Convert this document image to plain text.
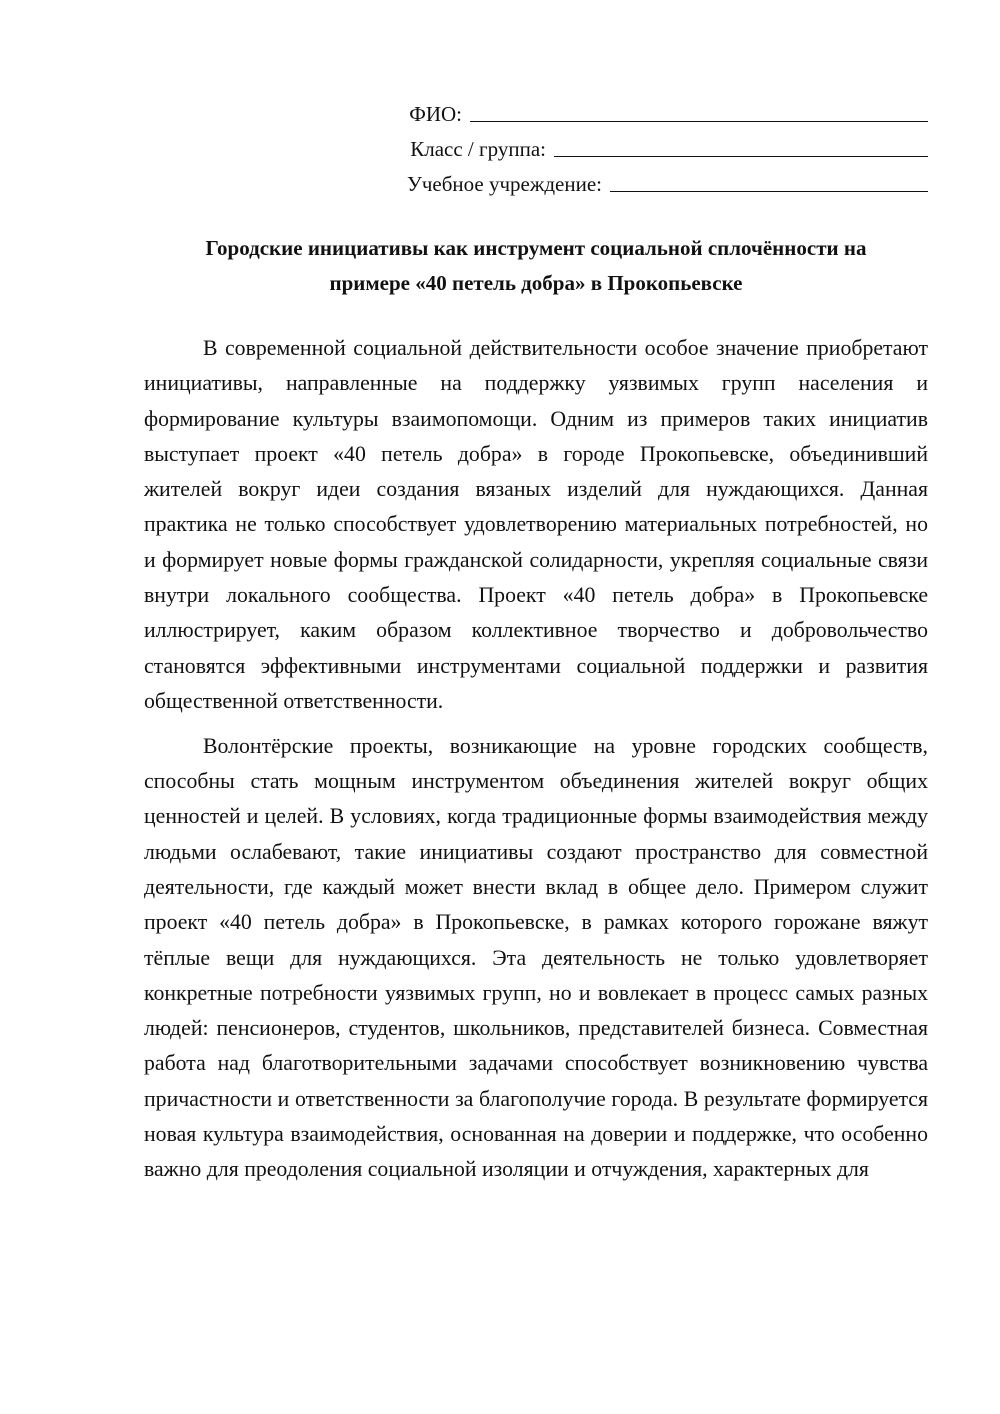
ФИО:
Класс / группа:
Учебное учреждение:
Городские инициативы как инструмент социальной сплочённости на
примере «40 петель добра» в Прокопьевске

В современной социальной действительности особое значение приобретают инициативы, направленные на поддержку уязвимых групп населения и формирование культуры взаимопомощи. Одним из примеров таких инициатив выступает проект «40 петель добра» в городе Прокопьевске, объединивший жителей вокруг идеи создания вязаных изделий для нуждающихся. Данная практика не только способствует удовлетворению материальных потребностей, но и формирует новые формы гражданской солидарности, укрепляя социальные связи внутри локального сообщества. Проект «40 петель добра» в Прокопьевске иллюстрирует, каким образом коллективное творчество и добровольчество становятся эффективными инструментами социальной поддержки и развития общественной ответственности.

Волонтёрские проекты, возникающие на уровне городских сообществ, способны стать мощным инструментом объединения жителей вокруг общих ценностей и целей. В условиях, когда традиционные формы взаимодействия между людьми ослабевают, такие инициативы создают пространство для совместной деятельности, где каждый может внести вклад в общее дело. Примером служит проект «40 петель добра» в Прокопьевске, в рамках которого горожане вяжут тёплые вещи для нуждающихся. Эта деятельность не только удовлетворяет конкретные потребности уязвимых групп, но и вовлекает в процесс самых разных людей: пенсионеров, студентов, школьников, представителей бизнеса. Совместная работа над благотворительными задачами способствует возникновению чувства причастности и ответственности за благополучие города. В результате формируется новая культура взаимодействия, основанная на доверии и поддержке, что особенно важно для преодоления социальной изоляции и отчуждения, характерных для
